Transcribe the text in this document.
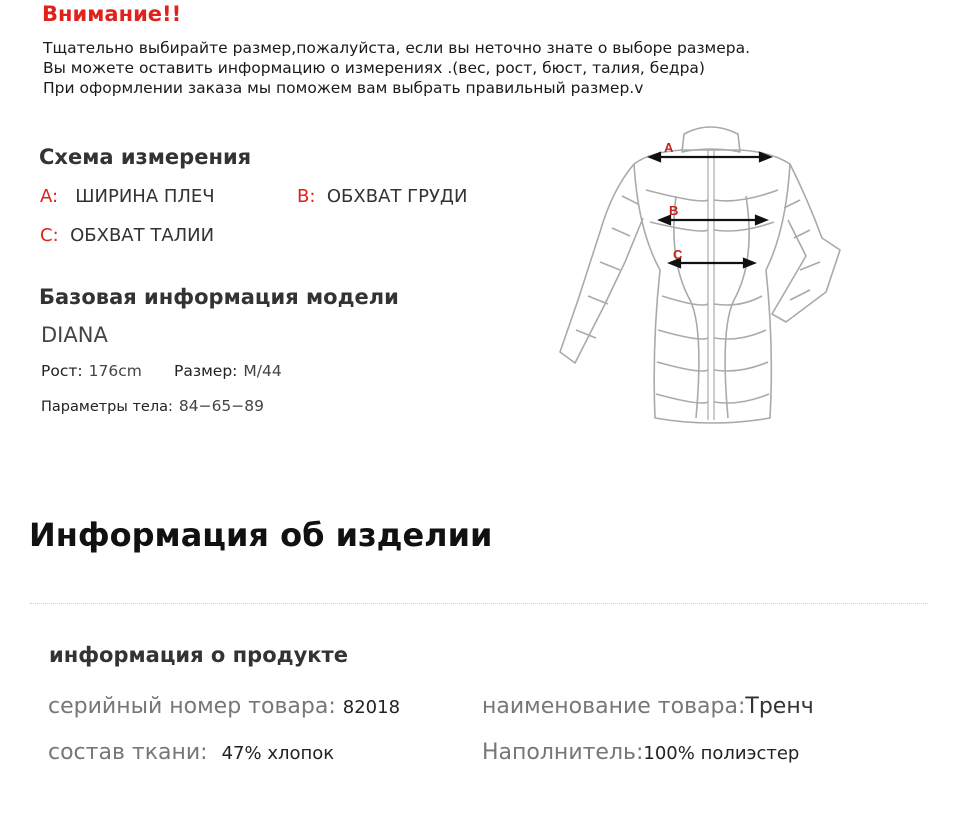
Внимание!!
Тщательно выбирайте размер,пожалуйста, если вы неточно знате о выборе размера.
Вы можете оставить информацию о измерениях .(вес, рост, бюст, талия, бедра)
При оформлении заказа мы поможем вам выбрать правильный размер.v
Схема измерения
A: ШИРИНА ПЛЕЧ	B: ОБХВАТ ГРУДИ
C: ОБХВАТ ТАЛИИ
Базовая информация модели
DIANA
Рост: 176cm Размер: M/44
Параметры тела: 84−65−89
A
B
C
Информация об изделии
информация о продукте
серийный номер товара: 82018	наименование товара:Тренч
состав ткани: 47% хлопок	Наполнитель:100% полиэстер
